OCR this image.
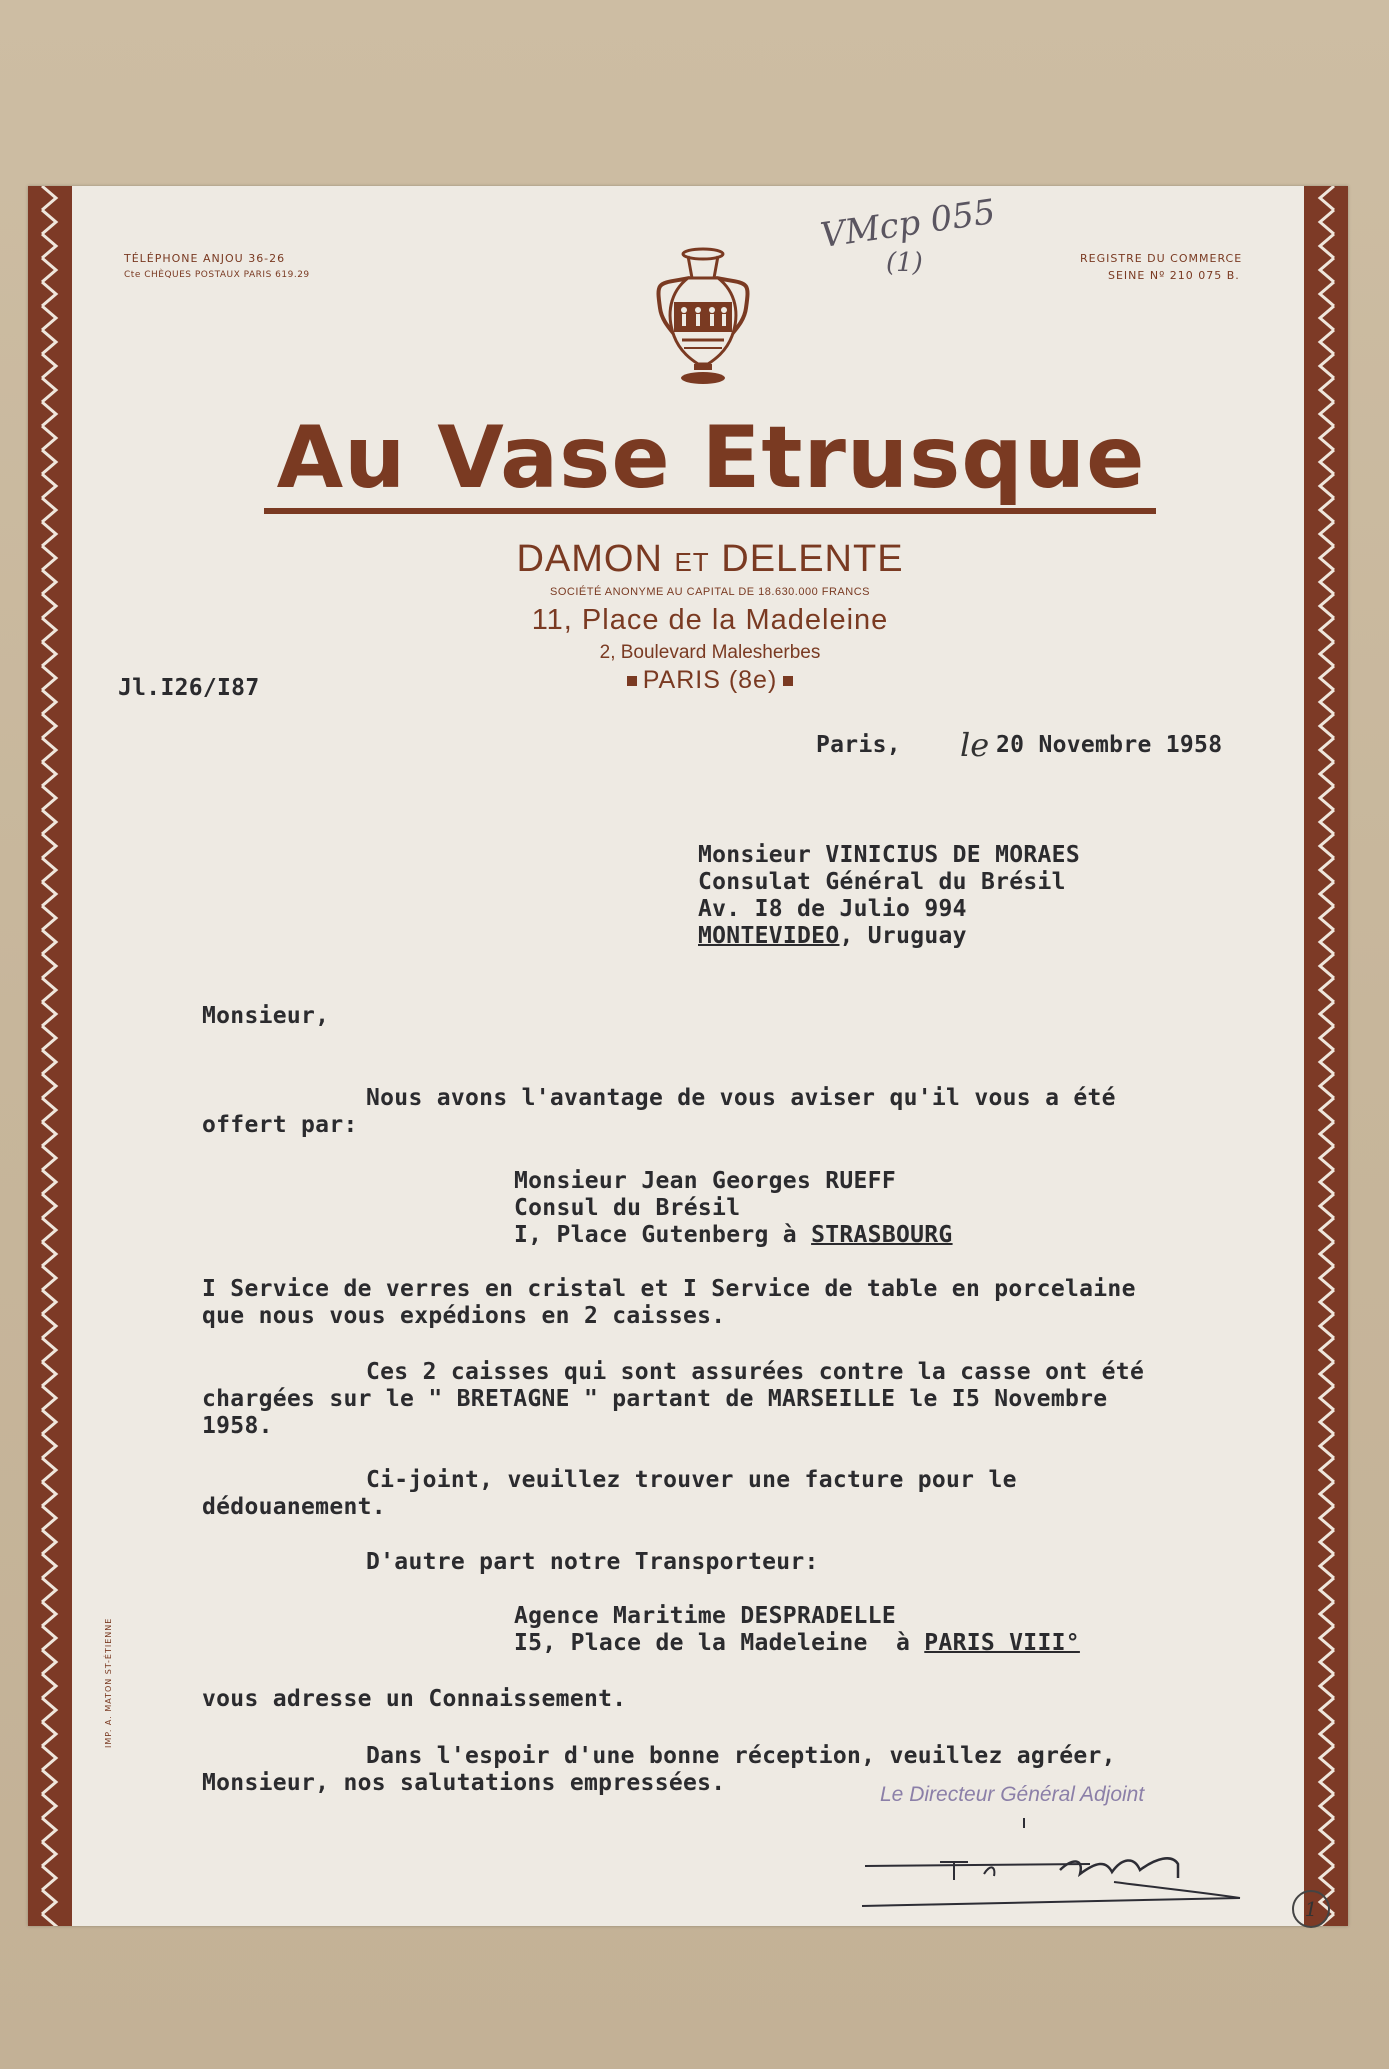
TÉLÉPHONE ANJOU 36-26
Cte CHÈQUES POSTAUX PARIS 619.29
REGISTRE DU COMMERCE
SEINE Nº 210 075 B.
VMcp 055
(1)
Au Vase Etrusque
DAMON ET DELENTE
SOCIÉTÉ ANONYME AU CAPITAL DE 18.630.000 FRANCS
11, Place de la Madeleine
2, Boulevard Malesherbes
PARIS (8e)
Jl.I26/I87
Paris, le 20 Novembre 1958
Monsieur VINICIUS DE MORAES
Consulat Général du Brésil
Av. I8 de Julio 994
MONTEVIDEO, Uruguay
Monsieur,
Nous avons l'avantage de vous aviser qu'il vous a été
offert par:
Monsieur Jean Georges RUEFF
Consul du Brésil
I, Place Gutenberg à STRASBOURG
I Service de verres en cristal et I Service de table en porcelaine
que nous vous expédions en 2 caisses.
Ces 2 caisses qui sont assurées contre la casse ont été
chargées sur le " BRETAGNE " partant de MARSEILLE le I5 Novembre
1958.
Ci-joint, veuillez trouver une facture pour le
dédouanement.
D'autre part notre Transporteur:
Agence Maritime DESPRADELLE
I5, Place de la Madeleine  à PARIS VIII°
vous adresse un Connaissement.
Dans l'espoir d'une bonne réception, veuillez agréer,
Monsieur, nos salutations empressées.	Le Directeur Général Adjoint
IMP. A. MATON ST-ÉTIENNE
1
